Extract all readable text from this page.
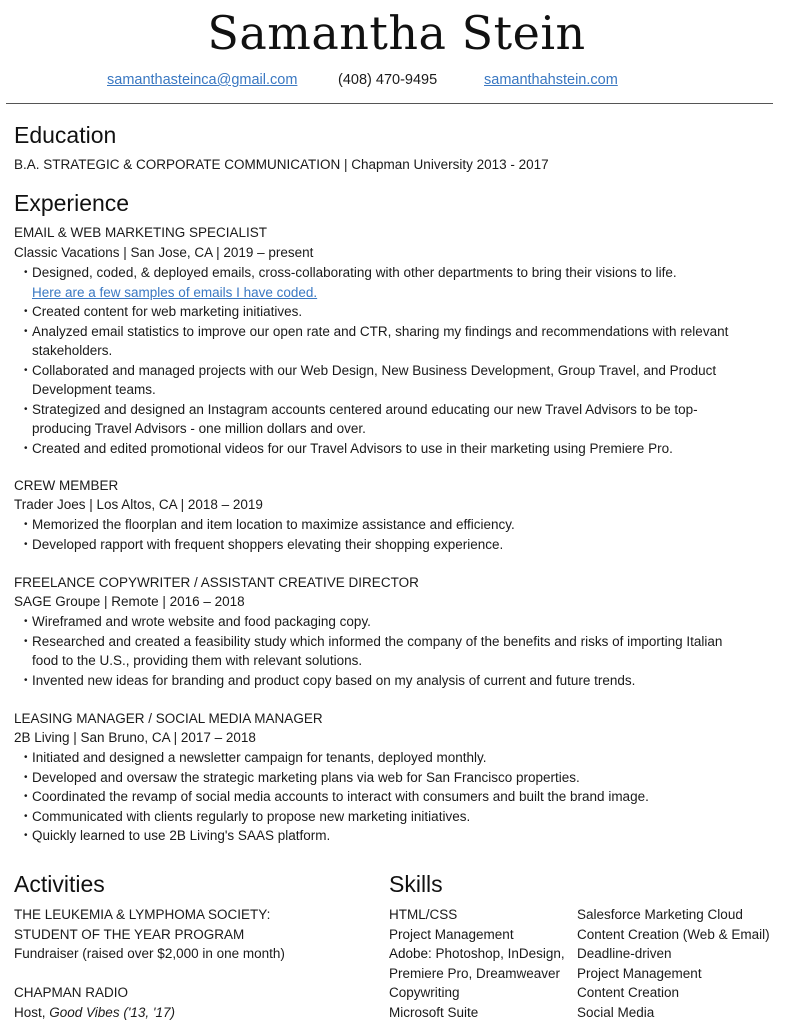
Samantha Stein
samanthasteinca@gmail.com	(408) 470-9495	samanthahstein.com
Education
B.A. STRATEGIC & CORPORATE COMMUNICATION | Chapman University 2013 - 2017
Experience
EMAIL & WEB MARKETING SPECIALIST
Classic Vacations | San Jose, CA | 2019 – present
• Designed, coded, & deployed emails, cross-collaborating with other departments to bring their visions to life.
Here are a few samples of emails I have coded.
• Created content for web marketing initiatives.
• Analyzed email statistics to improve our open rate and CTR, sharing my findings and recommendations with relevant stakeholders.
• Collaborated and managed projects with our Web Design, New Business Development, Group Travel, and Product Development teams.
• Strategized and designed an Instagram accounts centered around educating our new Travel Advisors to be top-producing Travel Advisors - one million dollars and over.
• Created and edited promotional videos for our Travel Advisors to use in their marketing using Premiere Pro.
CREW MEMBER
Trader Joes | Los Altos, CA | 2018 – 2019
• Memorized the floorplan and item location to maximize assistance and efficiency.
• Developed rapport with frequent shoppers elevating their shopping experience.
FREELANCE COPYWRITER / ASSISTANT CREATIVE DIRECTOR
SAGE Groupe | Remote | 2016 – 2018
• Wireframed and wrote website and food packaging copy.
• Researched and created a feasibility study which informed the company of the benefits and risks of importing Italian food to the U.S., providing them with relevant solutions.
• Invented new ideas for branding and product copy based on my analysis of current and future trends.
LEASING MANAGER / SOCIAL MEDIA MANAGER
2B Living | San Bruno, CA | 2017 – 2018
• Initiated and designed a newsletter campaign for tenants, deployed monthly.
• Developed and oversaw the strategic marketing plans via web for San Francisco properties.
• Coordinated the revamp of social media accounts to interact with consumers and built the brand image.
• Communicated with clients regularly to propose new marketing initiatives.
• Quickly learned to use 2B Living's SAAS platform.
Activities
THE LEUKEMIA & LYMPHOMA SOCIETY:
STUDENT OF THE YEAR PROGRAM
Fundraiser (raised over $2,000 in one month)
CHAPMAN RADIO
Host, Good Vibes ('13, '17)
Skills
HTML/CSS
Project Management
Adobe: Photoshop, InDesign,
Premiere Pro, Dreamweaver
Copywriting
Microsoft Suite
Salesforce Marketing Cloud
Content Creation (Web & Email)
Deadline-driven
Project Management
Content Creation
Social Media
